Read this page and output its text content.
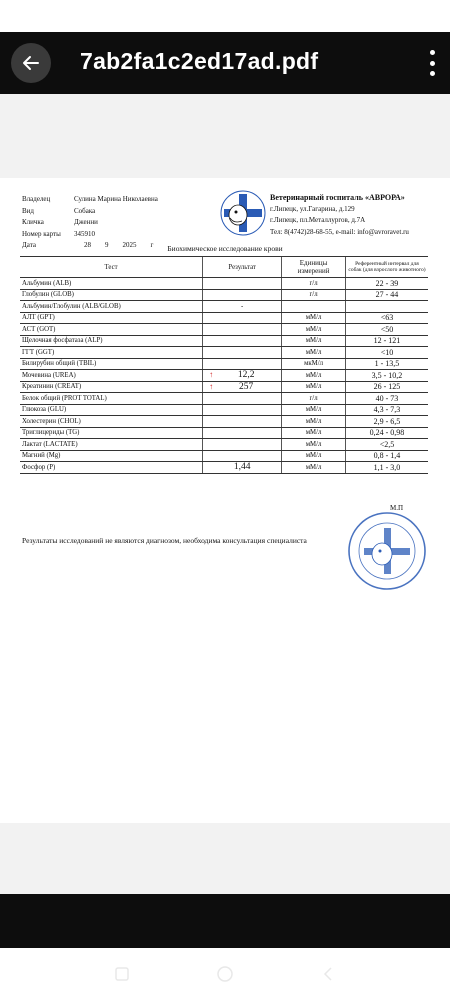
7ab2fa1c2ed17ad.pdf
Владелец	Сулина Марина Николаевна
Вид	Собака
Кличка	Дженни
Номер карты	345910
Дата	28 9 2025 г
Ветеринарный госпиталь «АВРОРА»
г.Липецк, ул.Гагарина, д.129
г.Липецк, пл.Металлургов, д.7А
Тел: 8(4742)28-68-55, e-mail: info@avroravet.ru
Биохимическое исследование крови
Тест	Результат	Единицы измерений	Референтный интервал для собак (для взрослого животного)
Альбумин (ALB)		г/л	22 - 39
Глобулин (GLOB)		г/л	27 - 44
Альбумин/Глобулин (ALB/GLOB)	-		
АЛТ (GPT)		мМ/л	<63
АСТ (GOT)		мМ/л	<50
Щелочная фосфатаза (ALP)		мМ/л	12 - 121
ГГТ (GGT)		мМ/л	<10
Билирубин общий (TBIL)		мкМ/л	1 - 13,5
Мочевина (UREA)	↑ 12,2	мМ/л	3,5 - 10,2
Креатинин (CREAT)	↑ 257	мМ/л	26 - 125
Белок общий (PROT TOTAL)		г/л	40 - 73
Глюкоза (GLU)		мМ/л	4,3 - 7,3
Холестерин (CHOL)		мМ/л	2,9 - 6,5
Триглицериды (TG)		мМ/л	0,24 - 0,98
Лактат (LACTATE)		мМ/л	<2,5
Магний (Mg)		мМ/л	0,8 - 1,4
Фосфор (P)	1,44	мМ/л	1,1 - 3,0
М.П
Результаты исследований не являются диагнозом, необходима консультация специалиста
